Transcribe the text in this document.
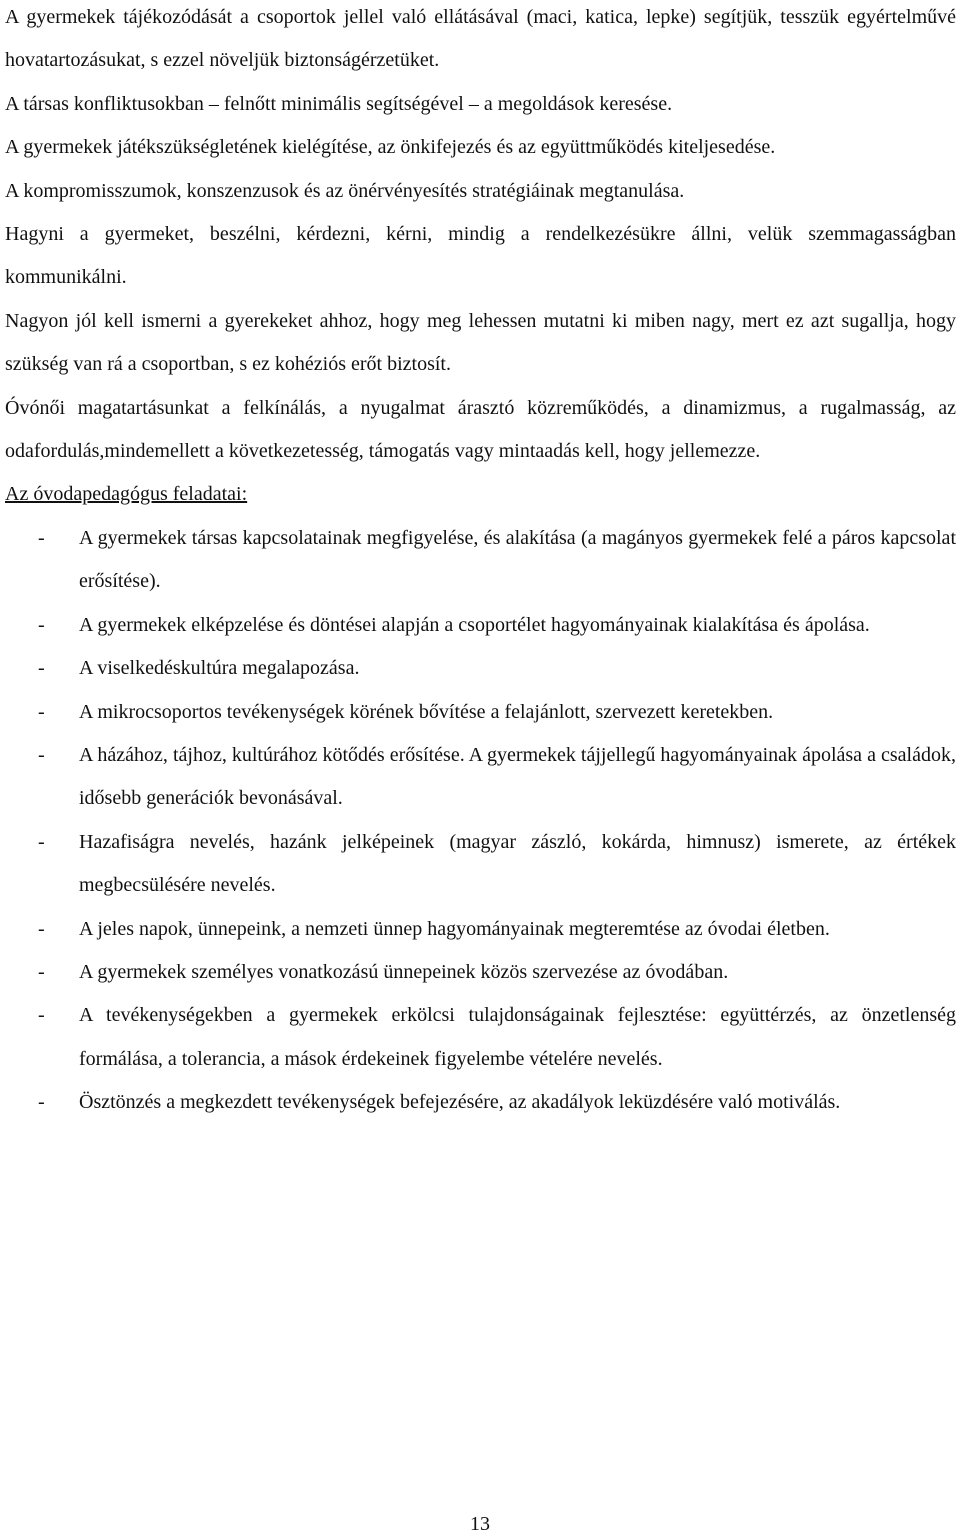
A gyermekek tájékozódását a csoportok jellel való ellátásával (maci, katica, lepke) segítjük, tesszük egyértelművé hovatartozásukat, s ezzel növeljük biztonságérzetüket.

A társas konfliktusokban – felnőtt minimális segítségével – a megoldások keresése.

A gyermekek játékszükségletének kielégítése, az önkifejezés és az együttműködés kiteljesedése.

A kompromisszumok, konszenzusok és az önérvényesítés stratégiáinak megtanulása.

Hagyni a gyermeket, beszélni, kérdezni, kérni, mindig a rendelkezésükre állni, velük szemmagasságban kommunikálni.

Nagyon jól kell ismerni a gyerekeket ahhoz, hogy meg lehessen mutatni ki miben nagy, mert ez azt sugallja, hogy szükség van rá a csoportban, s ez kohéziós erőt biztosít.

Óvónői magatartásunkat a felkínálás, a nyugalmat árasztó közreműködés, a dinamizmus, a rugalmasság, az odafordulás,mindemellett a következetesség, támogatás vagy mintaadás kell, hogy jellemezze.

Az óvodapedagógus feladatai:

- A gyermekek társas kapcsolatainak megfigyelése, és alakítása (a magányos gyermekek felé a páros kapcsolat erősítése).
- A gyermekek elképzelése és döntései alapján a csoportélet hagyományainak kialakítása és ápolása.
- A viselkedéskultúra megalapozása.
- A mikrocsoportos tevékenységek körének bővítése a felajánlott, szervezett keretekben.
- A házához, tájhoz, kultúrához kötődés erősítése. A gyermekek tájjellegű hagyományainak ápolása a családok, idősebb generációk bevonásával.
- Hazafiságra nevelés, hazánk jelképeinek (magyar zászló, kokárda, himnusz) ismerete, az értékek megbecsülésére nevelés.
- A jeles napok, ünnepeink, a nemzeti ünnep hagyományainak megteremtése az óvodai életben.
- A gyermekek személyes vonatkozású ünnepeinek közös szervezése az óvodában.
- A tevékenységekben a gyermekek erkölcsi tulajdonságainak fejlesztése: együttérzés, az önzetlenség formálása, a tolerancia, a mások érdekeinek figyelembe vételére nevelés.
- Ösztönzés a megkezdett tevékenységek befejezésére, az akadályok leküzdésére való motiválás.
13
